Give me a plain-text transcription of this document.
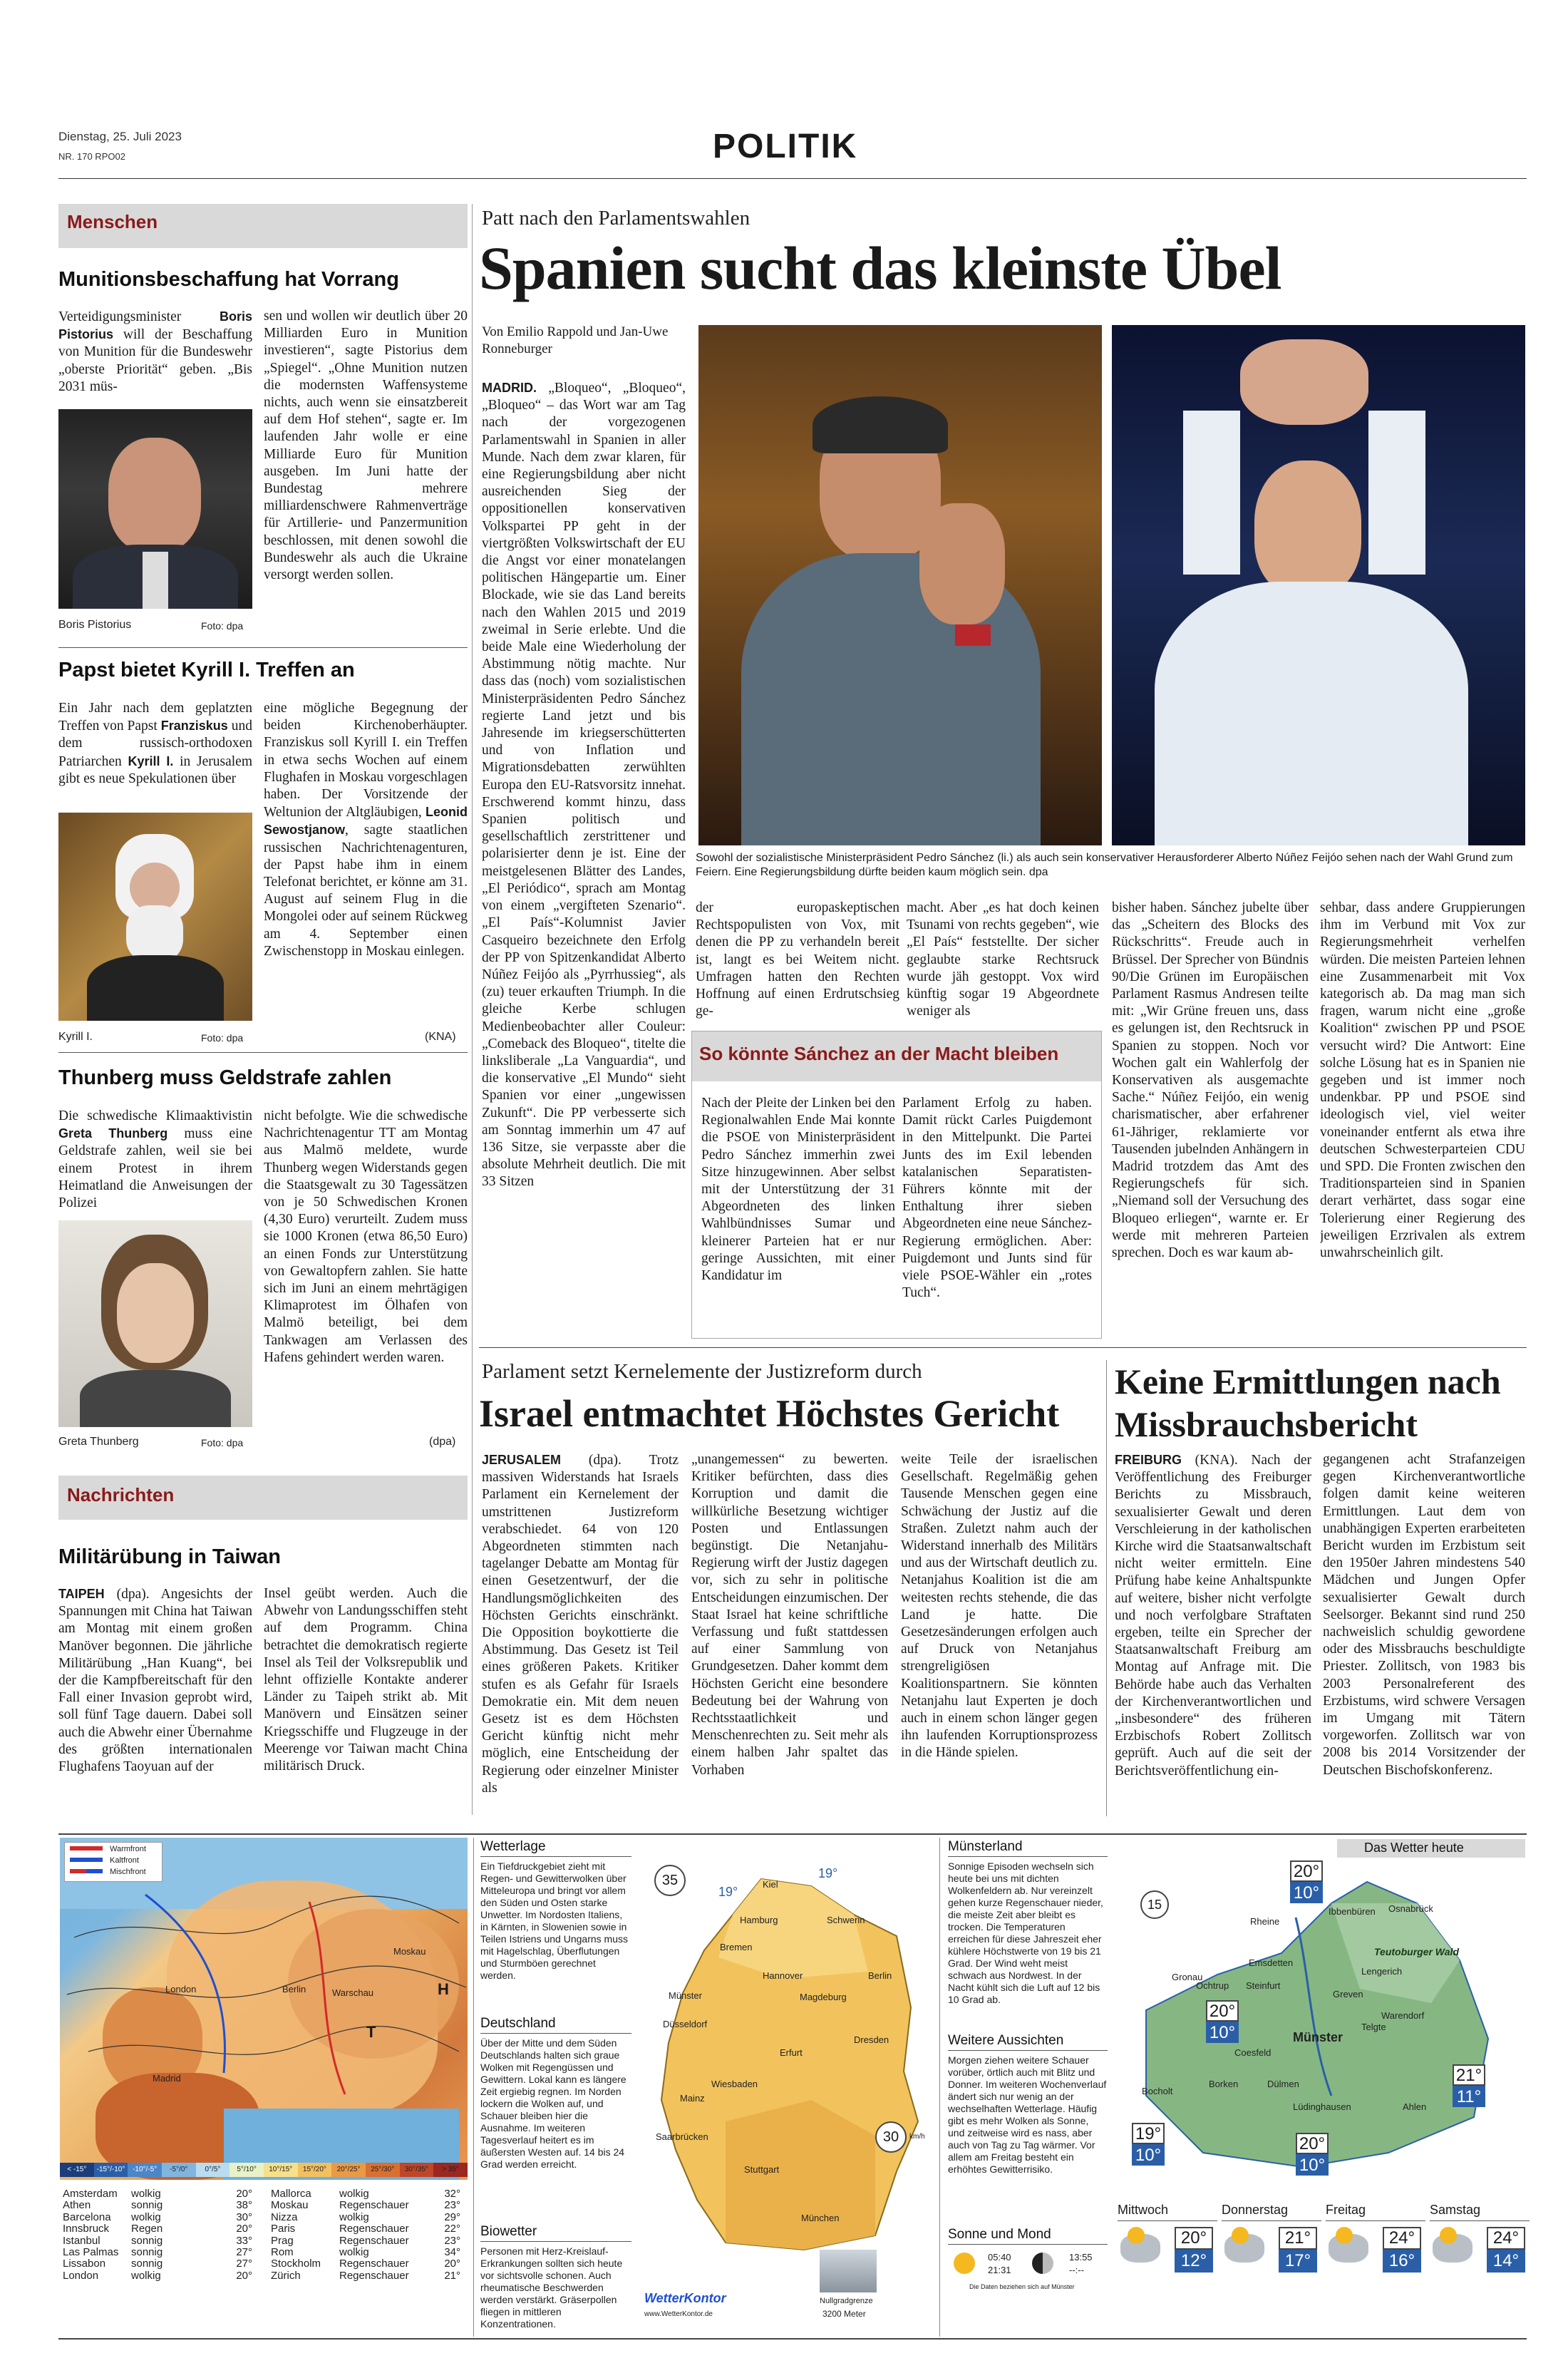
Dienstag, 25. Juli 2023
NR. 170 RPO02	POLITIK
Menschen
Munitionsbeschaffung hat Vorrang
Verteidigungsminister Boris Pistorius will der Beschaffung von Munition für die Bundeswehr „oberste Priorität“ geben. „Bis 2031 müs-
Boris Pistorius	Foto: dpa
sen und wollen wir deutlich über 20 Milliarden Euro in Munition investieren“, sagte Pistorius dem „Spiegel“. „Ohne Munition nutzen die modernsten Waffensysteme nichts, auch wenn sie einsatzbereit auf dem Hof stehen“, sagte er. Im laufenden Jahr wolle er eine Milliarde Euro für Munition ausgeben. Im Juni hatte der Bundestag mehrere milliardenschwere Rahmenverträge für Artillerie- und Panzermunition beschlossen, mit denen sowohl die Bundeswehr als auch die Ukraine versorgt werden sollen.
Papst bietet Kyrill I. Treffen an
Ein Jahr nach dem geplatzten Treffen von Papst Franziskus und dem russisch-orthodoxen Patriarchen Kyrill I. in Jerusalem gibt es neue Spekulationen über
Kyrill I.	Foto: dpa
eine mögliche Begegnung der beiden Kirchenoberhäupter. Franziskus soll Kyrill I. ein Treffen in etwa sechs Wochen auf einem Flughafen in Moskau vorgeschlagen haben. Der Vorsitzende der Weltunion der Altgläubigen, Leonid Sewostjanow, sagte staatlichen russischen Nachrichtenagenturen, der Papst habe ihm in einem Telefonat berichtet, er könne am 31. August auf seinem Flug in die Mongolei oder auf seinem Rückweg am 4. September einen Zwischenstopp in Moskau einlegen.
(KNA)
Thunberg muss Geldstrafe zahlen
Die schwedische Klimaaktivistin Greta Thunberg muss eine Geldstrafe zahlen, weil sie bei einem Protest in ihrem Heimatland die Anweisungen der Polizei
Greta Thunberg	Foto: dpa
nicht befolgte. Wie die schwedische Nachrichtenagentur TT am Montag aus Malmö meldete, wurde Thunberg wegen Widerstands gegen die Staatsgewalt zu 30 Tagessätzen von je 50 Schwedischen Kronen (4,30 Euro) verurteilt. Zudem muss sie 1000 Kronen (etwa 86,50 Euro) an einen Fonds zur Unterstützung von Gewaltopfern zahlen. Sie hatte sich im Juni an einem mehrtägigen Klimaprotest im Ölhafen von Malmö beteiligt, bei dem Tankwagen am Verlassen des Hafens gehindert werden waren.
(dpa)
Nachrichten
Militärübung in Taiwan
TAIPEH (dpa). Angesichts der Spannungen mit China hat Taiwan am Montag mit einem großen Manöver begonnen. Die jährliche Militärübung „Han Kuang“, bei der die Kampfbereitschaft für den Fall einer Invasion geprobt wird, soll fünf Tage dauern. Dabei soll auch die Abwehr einer Übernahme des größten internationalen Flughafens Taoyuan auf der
Insel geübt werden. Auch die Abwehr von Landungsschiffen steht auf dem Programm. China betrachtet die demokratisch regierte Insel als Teil der Volksrepublik und lehnt offizielle Kontakte anderer Länder zu Taipeh strikt ab. Mit Manövern und Einsätzen seiner Kriegsschiffe und Flugzeuge in der Meerenge vor Taiwan macht China militärisch Druck.
Patt nach den Parlamentswahlen
Spanien sucht das kleinste Übel
Von Emilio Rappold und Jan-Uwe Ronneburger
Sowohl der sozialistische Ministerpräsident Pedro Sánchez (li.) als auch sein konservativer Herausforderer Alberto Núñez Feijóo sehen nach der Wahl Grund zum Feiern. Eine Regierungsbildung dürfte beiden kaum möglich sein. dpa
MADRID. „Bloqueo“, „Bloqueo“, „Bloqueo“ – das Wort war am Tag nach der vorgezogenen Parlamentswahl in Spanien in aller Munde. Nach dem zwar klaren, für eine Regierungsbildung aber nicht ausreichenden Sieg der oppositionellen konservativen Volkspartei PP geht in der viertgrößten Volkswirtschaft der EU die Angst vor einer monatelangen politischen Hängepartie um. Einer Blockade, wie sie das Land bereits nach den Wahlen 2015 und 2019 zweimal in Serie erlebte. Und die beide Male eine Wiederholung der Abstimmung nötig machte. Nur dass das (noch) vom sozialistischen Ministerpräsidenten Pedro Sánchez regierte Land jetzt und bis Jahresende im kriegserschütterten und von Inflation und Migrationsdebatten zerwühlten Europa den EU-Ratsvorsitz innehat. Erschwerend kommt hinzu, dass Spanien politisch und gesellschaftlich zerstrittener und polarisierter denn je ist. Eine der meistgelesenen Blätter des Landes, „El Periódico“, sprach am Montag von einem „vergifteten Szenario“. „El País“-Kolumnist Javier Casqueiro bezeichnete den Erfolg der PP von Spitzenkandidat Alberto Núñez Feijóo als „Pyrrhussieg“, als (zu) teuer erkauften Triumph. In die gleiche Kerbe schlugen Medienbeobachter aller Couleur: „Comeback des Bloqueo“, titelte die linksliberale „La Vanguardia“, und die konservative „El Mundo“ sieht Spanien vor einer „ungewissen Zukunft“. Die PP verbesserte sich am Sonntag immerhin um 47 auf 136 Sitze, sie verpasste aber die absolute Mehrheit deutlich. Die mit 33 Sitzen
der europaskeptischen Rechtspopulisten von Vox, mit denen die PP zu verhandeln bereit ist, langt es bei Weitem nicht. Umfragen hatten den Rechten Hoffnung auf einen Erdrutschsieg ge-
macht. Aber „es hat doch keinen Tsunami von rechts gegeben“, wie „El País“ feststellte. Der sicher geglaubte starke Rechtsruck wurde jäh gestoppt. Vox wird künftig sogar 19 Abgeordnete weniger als
bisher haben. Sánchez jubelte über das „Scheitern des Blocks des Rückschritts“. Freude auch in Brüssel. Der Sprecher von Bündnis 90/Die Grünen im Europäischen Parlament Rasmus Andresen teilte mit: „Wir Grüne freuen uns, dass es gelungen ist, den Rechtsruck in Spanien zu stoppen. Noch vor Wochen galt ein Wahlerfolg der Konservativen als ausgemachte Sache.“ Núñez Feijóo, ein wenig charismatischer, aber erfahrener 61-Jähriger, reklamierte vor Tausenden jubelnden Anhängern in Madrid trotzdem das Amt des Regierungschefs für sich. „Niemand soll der Versuchung des Bloqueo erliegen“, warnte er. Er werde mit mehreren Parteien sprechen. Doch es war kaum ab-
sehbar, dass andere Gruppierungen ihm im Verbund mit Vox zur Regierungsmehrheit verhelfen würden. Die meisten Parteien lehnen eine Zusammenarbeit mit Vox kategorisch ab. Da mag man sich fragen, warum nicht eine „große Koalition“ zwischen PP und PSOE versucht wird? Die Antwort: Eine solche Lösung hat es in Spanien nie gegeben und ist immer noch undenkbar. PP und PSOE sind ideologisch viel, viel weiter voneinander entfernt als etwa ihre deutschen Schwesterparteien CDU und SPD. Die Fronten zwischen den Traditionsparteien sind in Spanien derart verhärtet, dass sogar eine Tolerierung einer Regierung des jeweiligen Erzrivalen als extrem unwahrscheinlich gilt.
So könnte Sánchez an der Macht bleiben
Nach der Pleite der Linken bei den Regionalwahlen Ende Mai konnte die PSOE von Ministerpräsident Pedro Sánchez immerhin zwei Sitze hinzugewinnen. Aber selbst mit der Unterstützung der 31 Abgeordneten des linken Wahlbündnisses Sumar und kleinerer Parteien hat er nur geringe Aussichten, mit einer Kandidatur im
Parlament Erfolg zu haben. Damit rückt Carles Puigdemont in den Mittelpunkt. Die Partei Junts des im Exil lebenden katalanischen Separatisten-Führers könnte mit der Enthaltung ihrer sieben Abgeordneten eine neue Sánchez-Regierung ermöglichen. Aber: Puigdemont und Junts sind für viele PSOE-Wähler ein „rotes Tuch“.
Parlament setzt Kernelemente der Justizreform durch
Israel entmachtet Höchstes Gericht
JERUSALEM (dpa). Trotz massiven Widerstands hat Israels Parlament ein Kernelement der umstrittenen Justizreform verabschiedet. 64 von 120 Abgeordneten stimmten nach tagelanger Debatte am Montag für einen Gesetzentwurf, der die Handlungsmöglichkeiten des Höchsten Gerichts einschränkt. Die Opposition boykottierte die Abstimmung. Das Gesetz ist Teil eines größeren Pakets. Kritiker stufen es als Gefahr für Israels Demokratie ein. Mit dem neuen Gesetz ist es dem Höchsten Gericht künftig nicht mehr möglich, eine Entscheidung der Regierung oder einzelner Minister als
„unangemessen“ zu bewerten. Kritiker befürchten, dass dies Korruption und damit die willkürliche Besetzung wichtiger Posten und Entlassungen begünstigt. Die Netanjahu-Regierung wirft der Justiz dagegen vor, sich zu sehr in politische Entscheidungen einzumischen. Der Staat Israel hat keine schriftliche Verfassung und fußt stattdessen auf einer Sammlung von Grundgesetzen. Daher kommt dem Höchsten Gericht eine besondere Bedeutung bei der Wahrung von Rechtsstaatlichkeit und Menschenrechten zu. Seit mehr als einem halben Jahr spaltet das Vorhaben
weite Teile der israelischen Gesellschaft. Regelmäßig gehen Tausende Menschen gegen eine Schwächung der Justiz auf die Straßen. Zuletzt nahm auch der Widerstand innerhalb des Militärs und aus der Wirtschaft deutlich zu. Netanjahus Koalition ist die am weitesten rechts stehende, die das Land je hatte. Die Gesetzesänderungen erfolgen auch auf Druck von Netanjahus strengreligiösen Koalitionspartnern. Sie könnten Netanjahu laut Experten je doch auch in einem schon länger gegen ihn laufenden Korruptionsprozess in die Hände spielen.
Keine Ermittlungen nach Missbrauchsbericht
FREIBURG (KNA). Nach der Veröffentlichung des Freiburger Berichts zu Missbrauch, sexualisierter Gewalt und deren Verschleierung in der katholischen Kirche wird die Staatsanwaltschaft nicht weiter ermitteln. Eine Prüfung habe keine Anhaltspunkte auf weitere, bisher nicht verfolgte und noch verfolgbare Straftaten ergeben, teilte ein Sprecher der Staatsanwaltschaft Freiburg am Montag auf Anfrage mit. Die Behörde habe auch das Verhalten der Kirchenverantwortlichen und „insbesondere“ des früheren Erzbischofs Robert Zollitsch geprüft. Auch auf die seit der Berichtsveröffentlichung ein-
gegangenen acht Strafanzeigen gegen Kirchenverantwortliche folgen damit keine weiteren Ermittlungen. Laut dem von unabhängigen Experten erarbeiteten Bericht wurden im Erzbistum seit den 1950er Jahren mindestens 540 Mädchen und Jungen Opfer sexualisierter Gewalt durch Seelsorger. Bekannt sind rund 250 nachweislich schuldig gewordene oder des Missbrauchs beschuldigte Priester. Zollitsch, von 1983 bis 2003 Personalreferent des Erzbistums, wird schwere Versagen im Umgang mit Tätern vorgeworfen. Zollitsch war von 2008 bis 2014 Vorsitzender der Deutschen Bischofskonferenz.
Warmfront
Kaltfront
Mischfront
Moskau
Berlin	Warschau
London
Madrid
H
T
< -15°	-15°/-10°	-10°/-5°	-5°/0°	0°/5°	5°/10°	10°/15°	15°/20°	20°/25°	25°/30°	30°/35°	> 35°
Amsterdam	wolkig	20°
Athen	sonnig	38°
Barcelona	wolkig	30°
Innsbruck	Regen	20°
Istanbul	sonnig	33°
Las Palmas	sonnig	27°
Lissabon	sonnig	27°
London	wolkig	20°
Mallorca	wolkig	32°
Moskau	Regenschauer	23°
Nizza	wolkig	29°
Paris	Regenschauer	22°
Prag	Regenschauer	23°
Rom	wolkig	34°
Stockholm	Regenschauer	20°
Zürich	Regenschauer	21°
Wetterlage
Ein Tiefdruckgebiet zieht mit Regen- und Gewitterwolken über Mitteleuropa und bringt vor allem den Süden und Osten starke Unwetter. Im Nordosten Italiens, in Kärnten, in Slowenien sowie in Teilen Istriens und Ungarns muss mit Hagelschlag, Überflutungen und Sturmböen gerechnet werden.
Deutschland
Über der Mitte und dem Süden Deutschlands halten sich graue Wolken mit Regengüssen und Gewittern. Lokal kann es längere Zeit ergiebig regnen. Im Norden lockern die Wolken auf, und Schauer bleiben hier die Ausnahme. Im weiteren Tagesverlauf heitert es im äußersten Westen auf. 14 bis 24 Grad werden erreicht.
Biowetter
Personen mit Herz-Kreislauf-Erkrankungen sollten sich heute vor sichtsvolle schonen. Auch rheumatische Beschwerden werden verstärkt. Gräserpollen fliegen in mittleren Konzentrationen.
35
30	km/h
19°
19°
Kiel
Hamburg	Schwerin
Bremen
Hannover	Berlin
Münster	Magdeburg
Düsseldorf
Dresden
Erfurt
Wiesbaden
Mainz
Saarbrücken
Stuttgart
München
WetterKontor
www.WetterKontor.de
Nullgradgrenze
3200 Meter
Münsterland
Sonnige Episoden wechseln sich heute bei uns mit dichten Wolkenfeldern ab. Nur vereinzelt gehen kurze Regenschauer nieder, die meiste Zeit aber bleibt es trocken. Die Temperaturen erreichen für diese Jahreszeit eher kühlere Höchstwerte von 19 bis 21 Grad. Der Wind weht meist schwach aus Nordwest. In der Nacht kühlt sich die Luft auf 12 bis 10 Grad ab.
Weitere Aussichten
Morgen ziehen weitere Schauer vorüber, örtlich auch mit Blitz und Donner. Im weiteren Wochenverlauf ändert sich nur wenig an der wechselhaften Wetterlage. Häufig gibt es mehr Wolken als Sonne, und zeitweise wird es nass, aber auch von Tag zu Tag wärmer. Vor allem am Freitag besteht ein erhöhtes Gewitterrisiko.
Sonne und Mond
05:40
21:31
13:55
--:--
Die Daten beziehen sich auf Münster
Das Wetter heute
15
Teutoburger Wald
Rheine
Ibbenbüren Osnabrück
Emsdetten
Lengerich
Gronau
Ochtrup Steinfurt
Greven
Telgte
Warendorf
Münster
Coesfeld
Dülmen
Borken
Bocholt
Ahlen
Lüdinghausen
20°
10°
20°
10°
21°
11°
19°
10°
20°
10°
Mittwoch
20°
12°
Donnerstag
21°
17°
Freitag
24°
16°
Samstag
24°
14°
